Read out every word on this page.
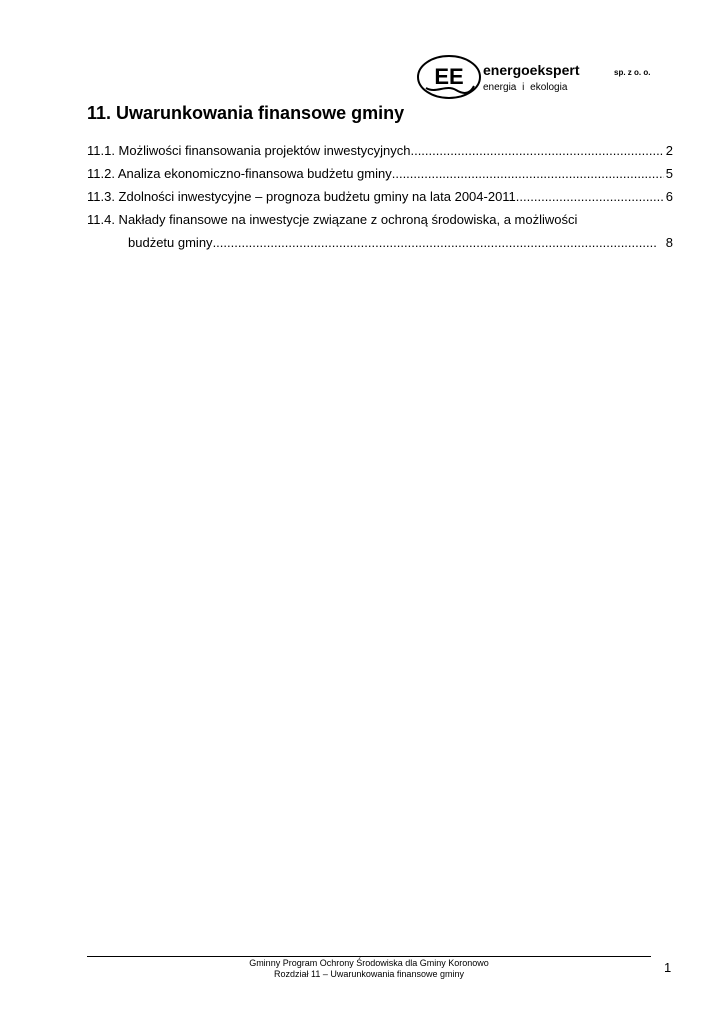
EE energoekspert	sp. z o. o.
energia i ekologia
11. Uwarunkowania finansowe gminy
11.1. Możliwości finansowania projektów inwestycyjnych .....	2
11.2. Analiza ekonomiczno-finansowa budżetu gminy .....	5
11.3. Zdolności inwestycyjne – prognoza budżetu gminy na lata 2004-2011 .....	6
11.4. Nakłady finansowe na inwestycje związane z ochroną środowiska, a możliwości
budżetu gminy .....	8
Gminny Program Ochrony Środowiska dla Gminy Koronowo
Rozdział 11 – Uwarunkowania finansowe gminy	1
